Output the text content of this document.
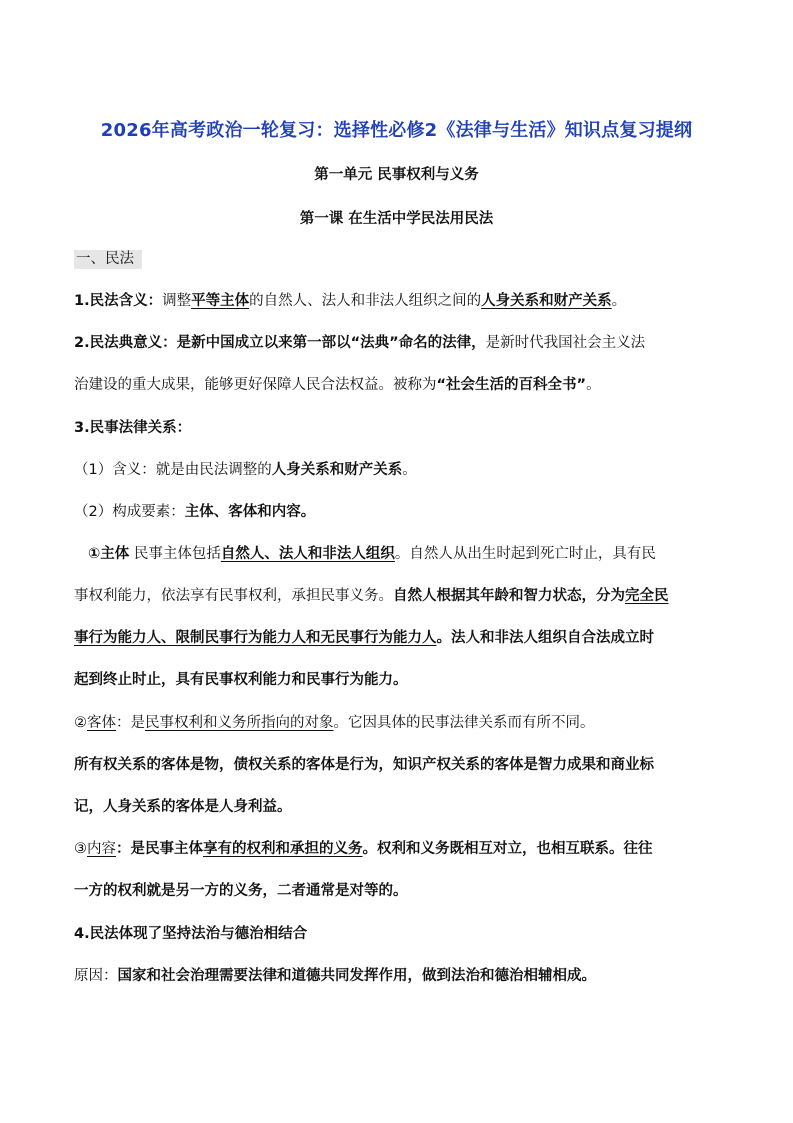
2026年高考政治一轮复习：选择性必修2《法律与生活》知识点复习提纲
第一单元 民事权利与义务
第一课 在生活中学民法用民法
一、民法
1.民法含义：调整平等主体的自然人、法人和非法人组织之间的人身关系和财产关系。
2.民法典意义：是新中国成立以来第一部以“法典”命名的法律，是新时代我国社会主义法
治建设的重大成果，能够更好保障人民合法权益。被称为“社会生活的百科全书”。
3.民事法律关系：
（1）含义：就是由民法调整的人身关系和财产关系。
（2）构成要素：主体、客体和内容。
①主体 民事主体包括自然人、法人和非法人组织。自然人从出生时起到死亡时止，具有民
事权利能力，依法享有民事权利，承担民事义务。自然人根据其年龄和智力状态，分为完全民
事行为能力人、限制民事行为能力人和无民事行为能力人。法人和非法人组织自合法成立时
起到终止时止，具有民事权利能力和民事行为能力。
②客体：是民事权利和义务所指向的对象。它因具体的民事法律关系而有所不同。
所有权关系的客体是物，债权关系的客体是行为，知识产权关系的客体是智力成果和商业标
记，人身关系的客体是人身利益。
③内容：是民事主体享有的权利和承担的义务。权利和义务既相互对立，也相互联系。往往
一方的权利就是另一方的义务，二者通常是对等的。
4.民法体现了坚持法治与德治相结合
原因：国家和社会治理需要法律和道德共同发挥作用，做到法治和德治相辅相成。
